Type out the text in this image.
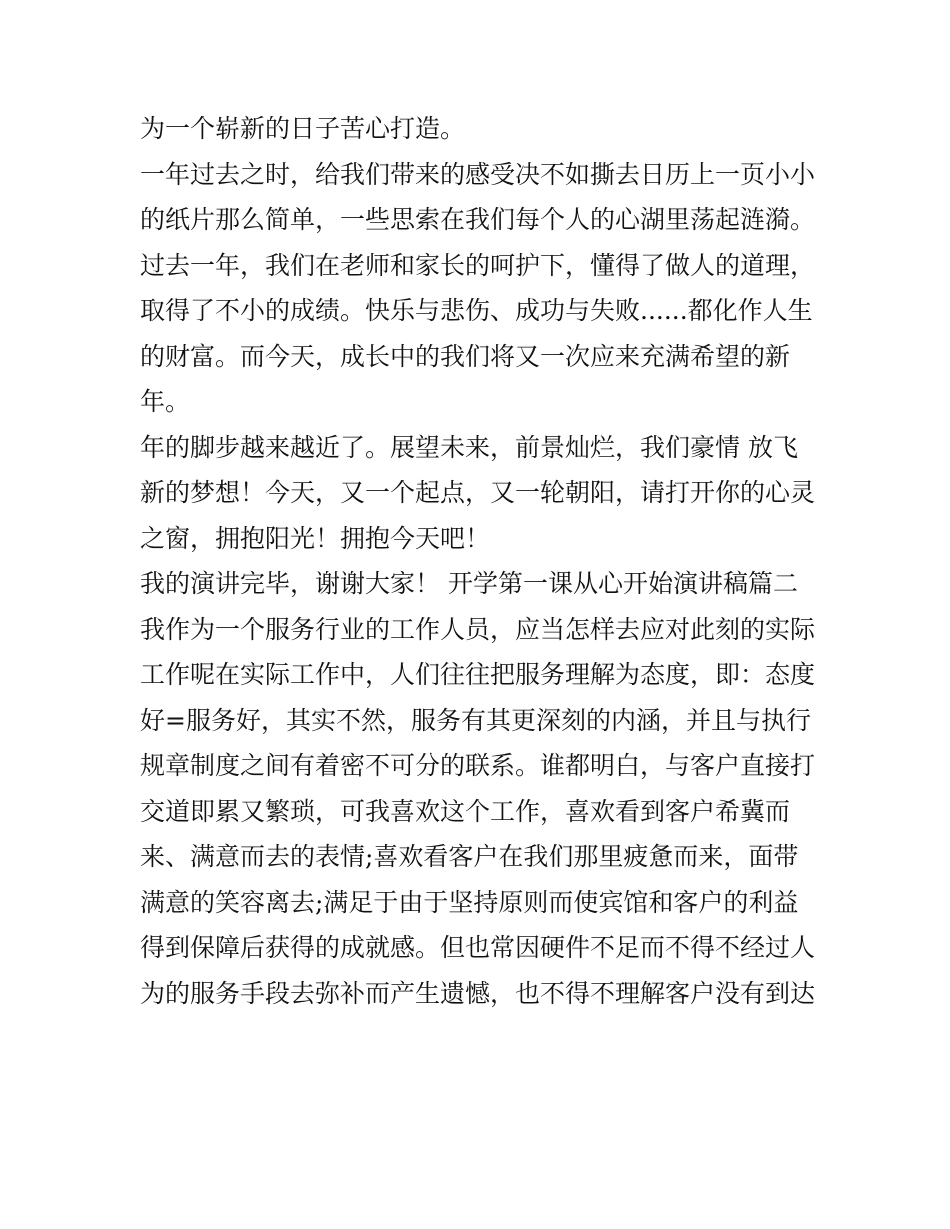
为一个崭新的日子苦心打造。
一年过去之时，给我们带来的感受决不如撕去日历上一页小小
的纸片那么简单，一些思索在我们每个人的心湖里荡起涟漪。
过去一年，我们在老师和家长的呵护下，懂得了做人的道理，
取得了不小的成绩。快乐与悲伤、成功与失败......都化作人生
的财富。而今天，成长中的我们将又一次应来充满希望的新
年。
年的脚步越来越近了。展望未来，前景灿烂，我们豪情 放飞
新的梦想！今天，又一个起点，又一轮朝阳，请打开你的心灵
之窗，拥抱阳光！拥抱今天吧！
我的演讲完毕，谢谢大家！ 开学第一课从心开始演讲稿篇二
我作为一个服务行业的工作人员，应当怎样去应对此刻的实际
工作呢在实际工作中，人们往往把服务理解为态度，即：态度
好=服务好，其实不然，服务有其更深刻的内涵，并且与执行
规章制度之间有着密不可分的联系。谁都明白，与客户直接打
交道即累又繁琐，可我喜欢这个工作，喜欢看到客户希冀而
来、满意而去的表情;喜欢看客户在我们那里疲惫而来，面带
满意的笑容离去;满足于由于坚持原则而使宾馆和客户的利益
得到保障后获得的成就感。但也常因硬件不足而不得不经过人
为的服务手段去弥补而产生遗憾，也不得不理解客户没有到达
